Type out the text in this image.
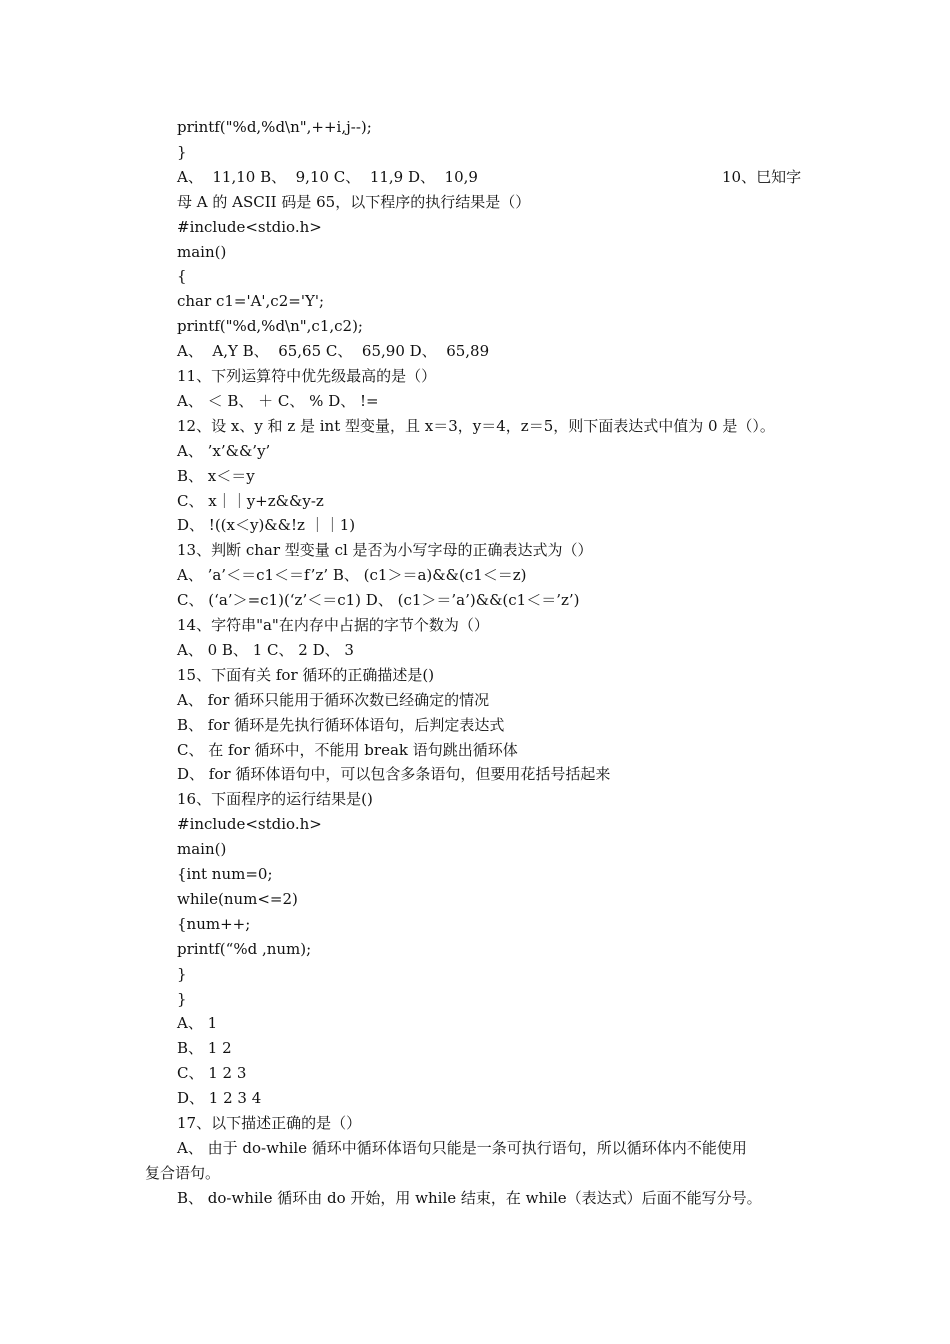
printf("%d,%d\n",++i,j--);
}
A、  11,10 B、  9,10 C、  11,9 D、  10,9	10、巳知字
母 A 的 ASCII 码是 65，以下程序的执行结果是（）
#include<stdio.h>
main()
{
char c1='A',c2='Y';
printf("%d,%d\n",c1,c2);
A、  A,Y B、  65,65 C、  65,90 D、  65,89
11、下列运算符中优先级最高的是（）
A、 ＜ B、 ＋ C、 % D、 !=
12、设 x、y 和 z 是 int 型变量，且 x＝3，y＝4，z＝5，则下面表达式中值为 0 是（）。
A、 ’x’&&’y’
B、 x＜＝y
C、 x｜｜y+z&&y-z
D、 !((x＜y)&&!z ｜｜1)
13、判断 char 型变量 cl 是否为小写字母的正确表达式为（）
A、 ’a’＜＝c1＜＝f’z’ B、 (c1＞＝a)&&(c1＜＝z)
C、 (‘a’＞=c1)(‘z’＜＝c1) D、 (c1＞＝’a’)&&(c1＜＝’z’)
14、字符串"a"在内存中占据的字节个数为（）
A、 0 B、 1 C、 2 D、 3
15、下面有关 for 循环的正确描述是()
A、 for 循环只能用于循环次数已经确定的情况
B、 for 循环是先执行循环体语句，后判定表达式
C、 在 for 循环中，不能用 break 语句跳出循环体
D、 for 循环体语句中，可以包含多条语句，但要用花括号括起来
16、下面程序的运行结果是()
#include<stdio.h>
main()
{int num=0;
while(num<=2)
{num++;
printf(“%d ,num);
}
}
A、 1
B、 1 2
C、 1 2 3
D、 1 2 3 4
17、以下描述正确的是（）
A、 由于 do-while 循环中循环体语句只能是一条可执行语句，所以循环体内不能使用
复合语句。
B、 do-while 循环由 do 开始，用 while 结束，在 while（表达式）后面不能写分号。
